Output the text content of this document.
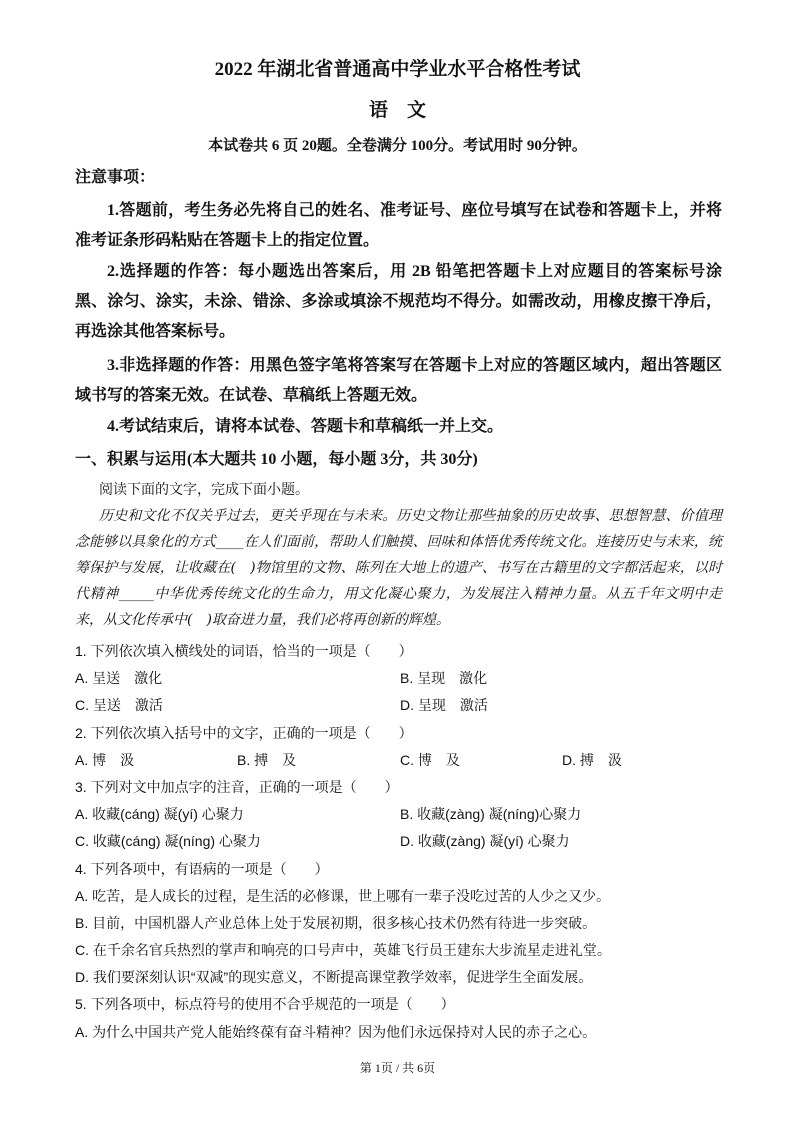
2022 年湖北省普通高中学业水平合格性考试
语　文
本试卷共 6 页 20题。全卷满分 100分。考试用时 90分钟。
注意事项：
1.答题前，考生务必先将自己的姓名、准考证号、座位号填写在试卷和答题卡上，并将
准考证条形码粘贴在答题卡上的指定位置。
2.选择题的作答：每小题选出答案后，用 2B 铅笔把答题卡上对应题目的答案标号涂
黑、涂匀、涂实，未涂、错涂、多涂或填涂不规范均不得分。如需改动，用橡皮擦干净后，
再选涂其他答案标号。
3.非选择题的作答：用黑色签字笔将答案写在答题卡上对应的答题区域内，超出答题区
域书写的答案无效。在试卷、草稿纸上答题无效。
4.考试结束后，请将本试卷、答题卡和草稿纸一并上交。
一、积累与运用(本大题共 10 小题，每小题 3分，共 30分)
阅读下面的文字，完成下面小题。
历史和文化不仅关乎过去，更关乎现在与未来。历史文物让那些抽象的历史故事、思想智慧、价值理
念能够以具象化的方式____在人们面前，帮助人们触摸、回味和体悟优秀传统文化。连接历史与未来，统
筹保护与发展，让收藏在(　)物馆里的文物、陈列在大地上的遗产、书写在古籍里的文字都活起来，以时
代精神_____中华优秀传统文化的生命力，用文化凝心聚力，为发展注入精神力量。从五千年文明中走
来，从文化传承中(　)取奋进力量，我们必将再创新的辉煌。
1. 下列依次填入横线处的词语，恰当的一项是（　　）
A. 呈送　激化	B. 呈现　激化
C. 呈送　激活	D. 呈现　激活
2. 下列依次填入括号中的文字，正确的一项是（　　）
A. 博　汲	B. 搏　及	C. 博　及	D. 搏　汲
3. 下列对文中加点字的注音，正确的一项是（　　）
A. 收藏(cáng) 凝(yí) 心聚力	B. 收藏(zàng) 凝(níng)心聚力
C. 收藏(cáng) 凝(níng) 心聚力	D. 收藏(zàng) 凝(yí) 心聚力
4. 下列各项中，有语病的一项是（　　）
A. 吃苦，是人成长的过程，是生活的必修课，世上哪有一辈子没吃过苦的人少之又少。
B. 目前，中国机器人产业总体上处于发展初期，很多核心技术仍然有待进一步突破。
C. 在千余名官兵热烈的掌声和响亮的口号声中，英雄飞行员王建东大步流星走进礼堂。
D. 我们要深刻认识“双减”的现实意义，不断提高课堂教学效率，促进学生全面发展。
5. 下列各项中，标点符号的使用不合乎规范的一项是（　　）
A. 为什么中国共产党人能始终葆有奋斗精神？因为他们永远保持对人民的赤子之心。
第 1页 / 共 6页
